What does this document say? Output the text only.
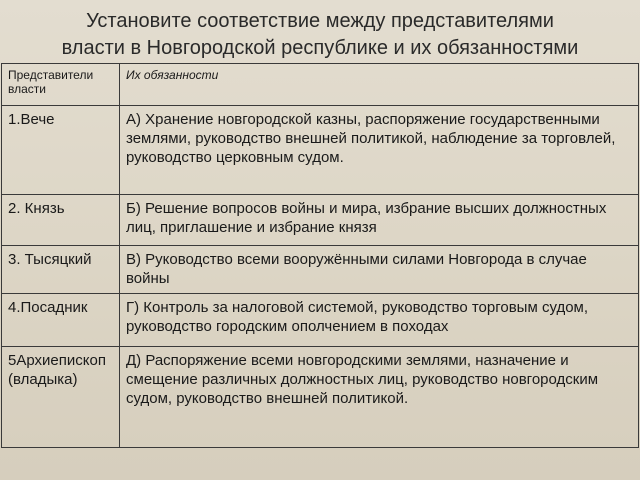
Установите соответствие между представителями
власти в Новгородской республике и их обязанностями
Представители власти	Их обязанности
1.Вече	А) Хранение новгородской казны, распоряжение государственными землями, руководство внешней политикой, наблюдение за торговлей, руководство церковным судом.
2. Князь	Б) Решение вопросов войны и мира, избрание высших должностных лиц, приглашение и избрание князя
3. Тысяцкий	В) Руководство всеми вооружёнными силами Новгорода в случае войны
4.Посадник	Г) Контроль за налоговой системой, руководство торговым судом, руководство городским ополчением в походах
5Архиепископ (владыка)	Д) Распоряжение всеми новгородскими землями, назначение и смещение различных должностных лиц, руководство новгородским судом, руководство внешней политикой.
